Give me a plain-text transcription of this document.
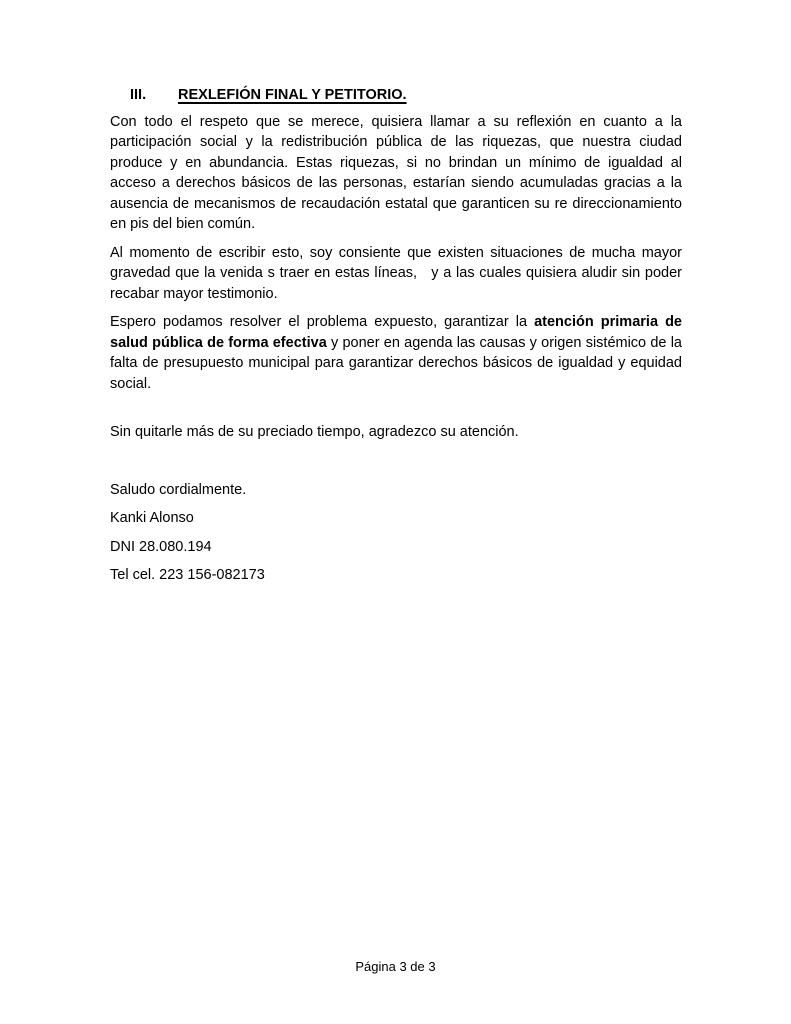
III.	REXLEFIÓN FINAL Y PETITORIO.

Con todo el respeto que se merece, quisiera llamar a su reflexión en cuanto a la participación social y la redistribución pública de las riquezas, que nuestra ciudad produce y en abundancia. Estas riquezas, si no brindan un mínimo de igualdad al acceso a derechos básicos de las personas, estarían siendo acumuladas gracias a la ausencia de mecanismos de recaudación estatal que garanticen su re direccionamiento en pis del bien común.

Al momento de escribir esto, soy consiente que existen situaciones de mucha mayor gravedad que la venida s traer en estas líneas,   y a las cuales quisiera aludir sin poder recabar mayor testimonio.

Espero podamos resolver el problema expuesto, garantizar la atención primaria de salud pública de forma efectiva y poner en agenda las causas y origen sistémico de la falta de presupuesto municipal para garantizar derechos básicos de igualdad y equidad social.

Sin quitarle más de su preciado tiempo, agradezco su atención.

Saludo cordialmente.

Kanki Alonso

DNI 28.080.194

Tel cel. 223 156-082173

Página 3 de 3
